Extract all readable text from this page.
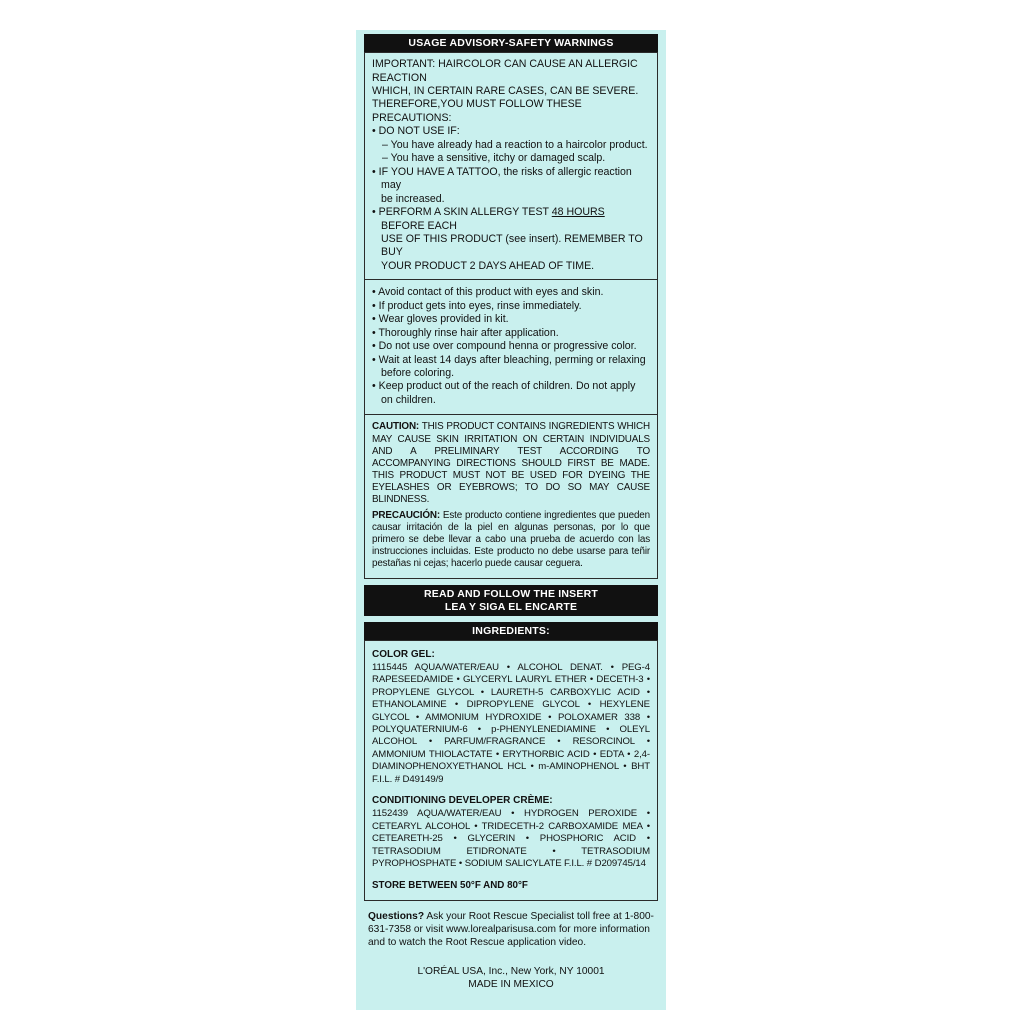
USAGE ADVISORY-SAFETY WARNINGS

IMPORTANT: HAIRCOLOR CAN CAUSE AN ALLERGIC REACTION

WHICH, IN CERTAIN RARE CASES, CAN BE SEVERE.

THEREFORE,YOU MUST FOLLOW THESE PRECAUTIONS:

• DO NOT USE IF:

– You have already had a reaction to a haircolor product.

– You have a sensitive, itchy or damaged scalp.

• IF YOU HAVE A TATTOO, the risks of allergic reaction may

be increased.

• PERFORM A SKIN ALLERGY TEST 48 HOURS BEFORE EACH

USE OF THIS PRODUCT (see insert). REMEMBER TO BUY

YOUR PRODUCT 2 DAYS AHEAD OF TIME.

• Avoid contact of this product with eyes and skin.

• If product gets into eyes, rinse immediately.

• Wear gloves provided in kit.

• Thoroughly rinse hair after application.

• Do not use over compound henna or progressive color.

• Wait at least 14 days after bleaching, perming or relaxing

before coloring.

• Keep product out of the reach of children. Do not apply

on children.

CAUTION: THIS PRODUCT CONTAINS INGREDIENTS WHICH MAY CAUSE SKIN IRRITATION ON CERTAIN INDIVIDUALS AND A PRELIMINARY TEST ACCORDING TO ACCOMPANYING DIRECTIONS SHOULD FIRST BE MADE. THIS PRODUCT MUST NOT BE USED FOR DYEING THE EYELASHES OR EYEBROWS; TO DO SO MAY CAUSE BLINDNESS.

PRECAUCIÓN: Este producto contiene ingredientes que pueden causar irritación de la piel en algunas personas, por lo que primero se debe llevar a cabo una prueba de acuerdo con las instrucciones incluidas. Este producto no debe usarse para teñir pestañas ni cejas; hacerlo puede causar ceguera.

READ AND FOLLOW THE INSERT
LEA Y SIGA EL ENCARTE
INGREDIENTS:
COLOR GEL:
1115445 AQUA/WATER/EAU • ALCOHOL DENAT. • PEG-4 RAPESEEDAMIDE • GLYCERYL LAURYL ETHER • DECETH-3 • PROPYLENE GLYCOL • LAURETH-5 CARBOXYLIC ACID • ETHANOLAMINE • DIPROPYLENE GLYCOL • HEXYLENE GLYCOL • AMMONIUM HYDROXIDE • POLOXAMER 338 • POLYQUATERNIUM-6 • p-PHENYLENEDIAMINE • OLEYL ALCOHOL • PARFUM/FRAGRANCE • RESORCINOL • AMMONIUM THIOLACTATE • ERYTHORBIC ACID • EDTA • 2,4-DIAMINOPHENOXYETHANOL HCL • m-AMINOPHENOL • BHT F.I.L. # D49149/9
CONDITIONING DEVELOPER CRÈME:
1152439 AQUA/WATER/EAU • HYDROGEN PEROXIDE • CETEARYL ALCOHOL • TRIDECETH-2 CARBOXAMIDE MEA • CETEARETH-25 • GLYCERIN • PHOSPHORIC ACID • TETRASODIUM ETIDRONATE • TETRASODIUM PYROPHOSPHATE • SODIUM SALICYLATE F.I.L. # D209745/14
STORE BETWEEN 50°F AND 80°F
Questions? Ask your Root Rescue Specialist toll free at 1-800-631-7358 or visit www.lorealparisusa.com for more information and to watch the Root Rescue application video.
L'ORÉAL USA, Inc., New York, NY 10001
MADE IN MEXICO
